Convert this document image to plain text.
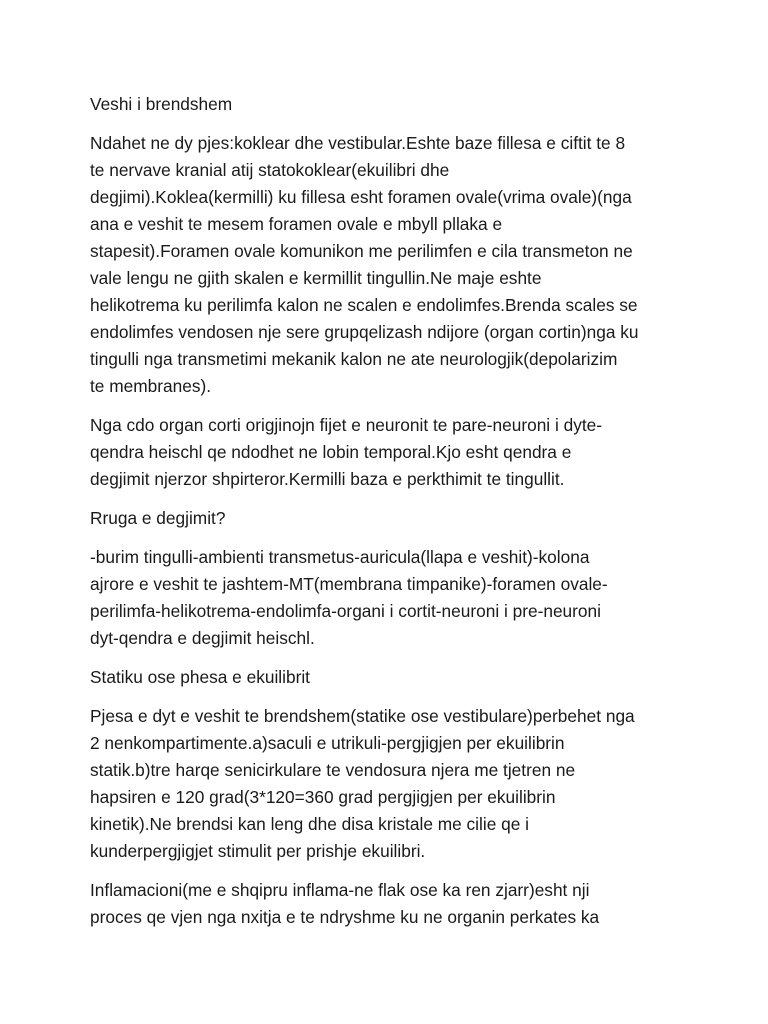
Veshi i brendshem

Ndahet ne dy pjes:koklear dhe vestibular.Eshte baze fillesa e ciftit te 8
te nervave kranial atij statokoklear(ekuilibri dhe
degjimi).Koklea(kermilli) ku fillesa esht foramen ovale(vrima ovale)(nga
ana e veshit te mesem foramen ovale e mbyll pllaka e
stapesit).Foramen ovale komunikon me perilimfen e cila transmeton ne
vale lengu ne gjith skalen e kermillit tingullin.Ne maje eshte
helikotrema ku perilimfa kalon ne scalen e endolimfes.Brenda scales se
endolimfes vendosen nje sere grupqelizash ndijore (organ cortin)nga ku
tingulli nga transmetimi mekanik kalon ne ate neurologjik(depolarizim
te membranes).

Nga cdo organ corti origjinojn fijet e neuronit te pare-neuroni i dyte-
qendra heischl qe ndodhet ne lobin temporal.Kjo esht qendra e
degjimit njerzor shpirteror.Kermilli baza e perkthimit te tingullit.

Rruga e degjimit?

-burim tingulli-ambienti transmetus-auricula(llapa e veshit)-kolona
ajrore e veshit te jashtem-MT(membrana timpanike)-foramen ovale-
perilimfa-helikotrema-endolimfa-organi i cortit-neuroni i pre-neuroni
dyt-qendra e degjimit heischl.

Statiku ose phesa e ekuilibrit

Pjesa e dyt e veshit te brendshem(statike ose vestibulare)perbehet nga
2 nenkompartimente.a)saculi e utrikuli-pergjigjen per ekuilibrin
statik.b)tre harqe senicirkulare te vendosura njera me tjetren ne
hapsiren e 120 grad(3*120=360 grad pergjigjen per ekuilibrin
kinetik).Ne brendsi kan leng dhe disa kristale me cilie qe i
kunderpergjigjet stimulit per prishje ekuilibri.

Inflamacioni(me e shqipru inflama-ne flak ose ka ren zjarr)esht nji
proces qe vjen nga nxitja e te ndryshme ku ne organin perkates ka
